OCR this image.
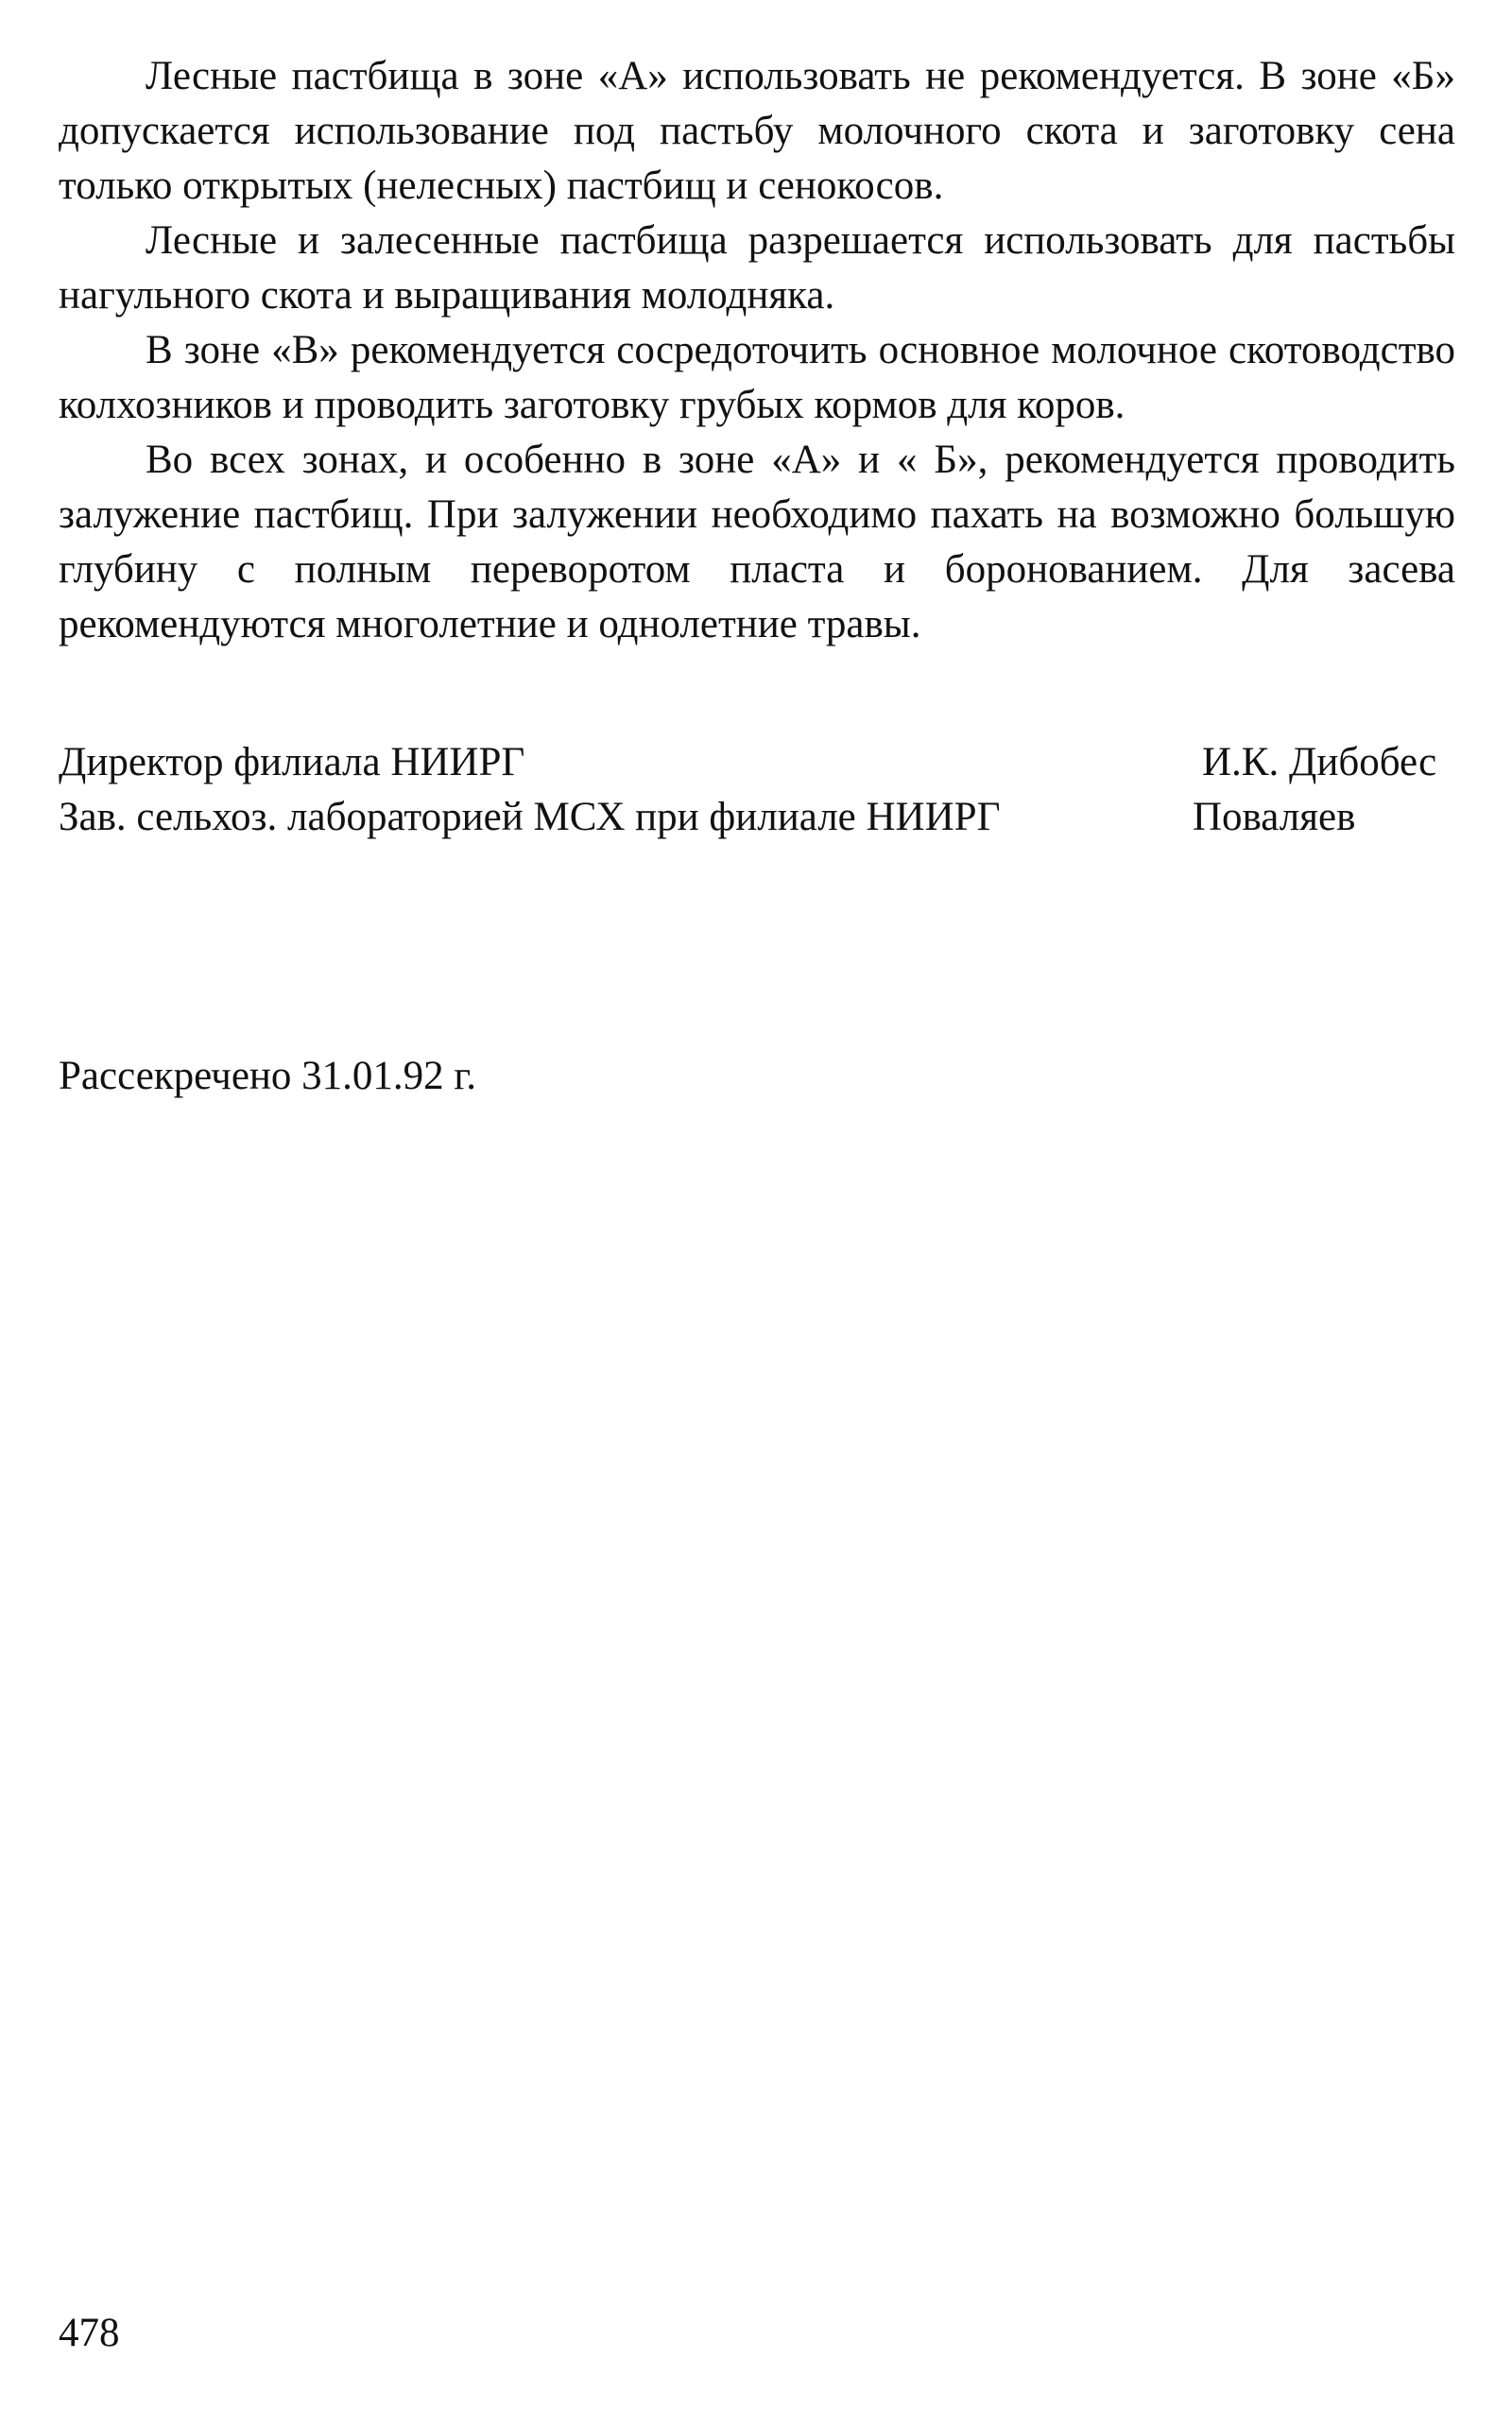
Лесные пастбища в зоне «А» использовать не рекомендуется. В зоне «Б» допускается использование под пастьбу молочного скота и заготовку сена только открытых (нелесных) пастбищ и сенокосов.

Лесные и залесенные пастбища разрешается использовать для пастьбы нагульного скота и выращивания молодняка.

В зоне «В» рекомендуется сосредоточить основное молочное скотоводство колхозников и проводить заготовку грубых кормов для коров.

Во всех зонах, и особенно в зоне «А» и « Б», рекомендуется проводить залужение пастбищ. При залужении необходимо пахать на возможно большую глубину с полным переворотом пласта и боронованием. Для засева рекомендуются многолетние и однолетние травы.

Директор филиала НИИРГ	И.К. Дибобес
Зав. сельхоз. лабораторией МСХ при филиале НИИРГ	Поваляев
Рассекречено 31.01.92 г.
478
